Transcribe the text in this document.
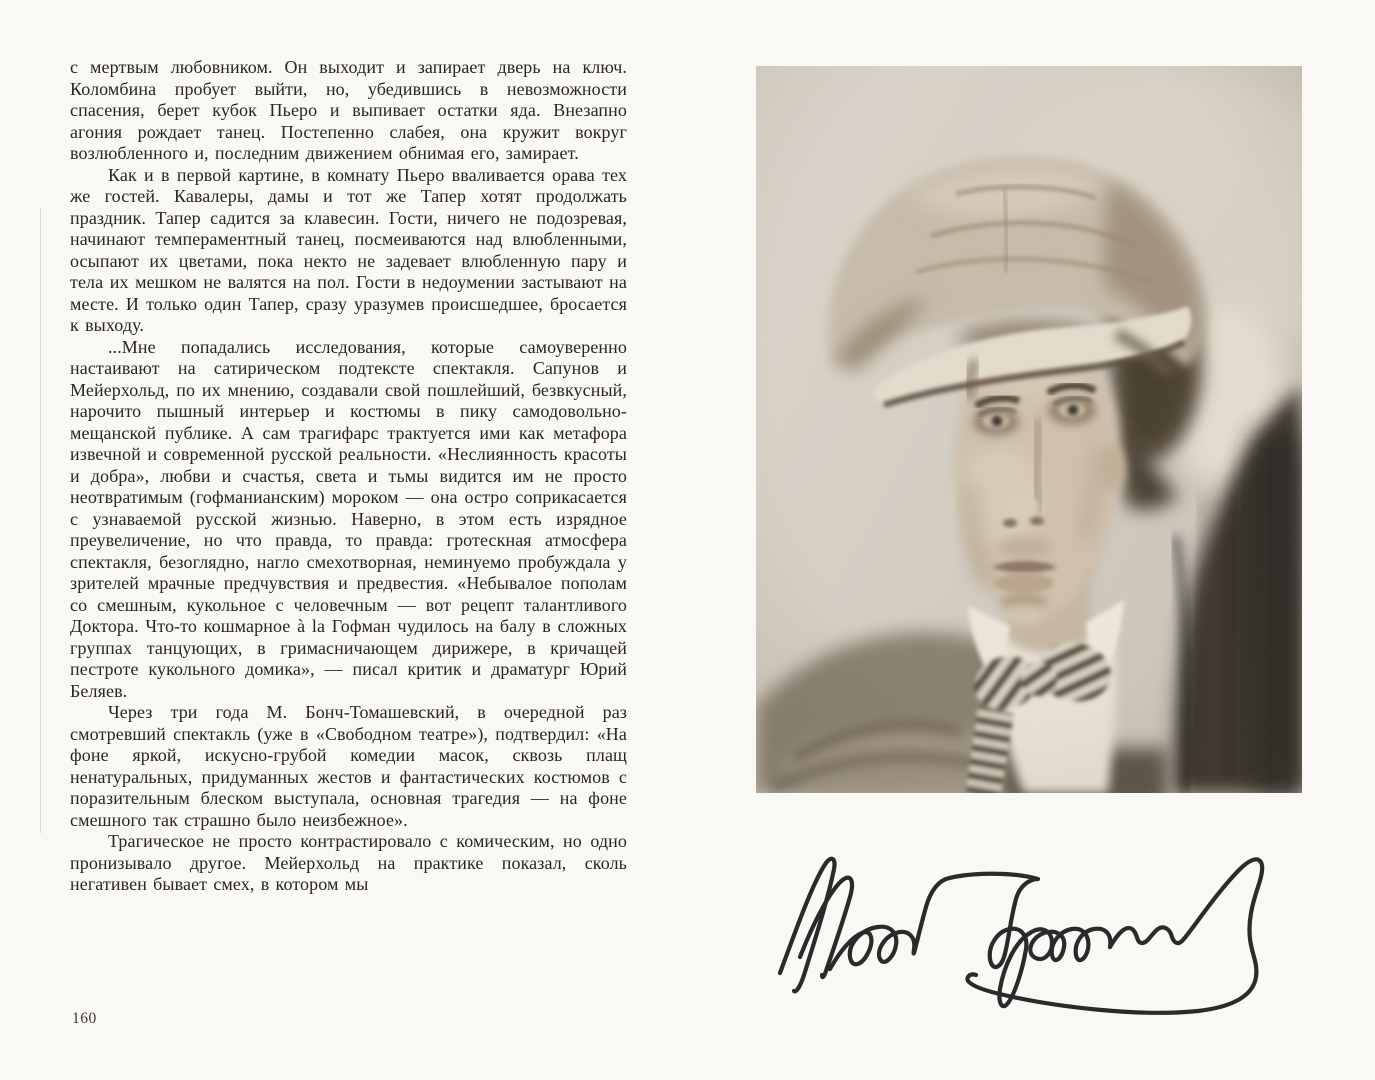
с мертвым любовником. Он выходит и запирает дверь на ключ. Коломбина пробует выйти, но, убедившись в невозможности спасения, берет кубок Пьеро и выпивает остатки яда. Внезапно агония рождает танец. Постепенно слабея, она кружит вокруг возлюбленного и, последним движением обнимая его, замирает.

Как и в первой картине, в комнату Пьеро вваливается орава тех же гостей. Кавалеры, дамы и тот же Тапер хотят продолжать праздник. Тапер садится за клавесин. Гости, ничего не подозревая, начинают темпераментный танец, посмеиваются над влюбленными, осыпают их цветами, пока некто не задевает влюбленную пару и тела их мешком не валятся на пол. Гости в недоумении застывают на месте. И только один Тапер, сразу уразумев происшедшее, бросается к выходу.

...Мне попадались исследования, которые самоуверенно настаивают на сатирическом подтексте спектакля. Сапунов и Мейерхольд, по их мнению, создавали свой пошлейший, безвкусный, нарочито пышный интерьер и костюмы в пику самодовольно-мещанской публике. А сам трагифарс трактуется ими как метафора извечной и современной русской реальности. «Неслиянность красоты и добра», любви и счастья, света и тьмы видится им не просто неотвратимым (гофманианским) мороком — она остро соприкасается с узнаваемой русской жизнью. Наверно, в этом есть изрядное преувеличение, но что правда, то правда: гротескная атмосфера спектакля, безоглядно, нагло смехотворная, неминуемо пробуждала у зрителей мрачные предчувствия и предвестия. «Небывалое пополам со смешным, кукольное с человечным — вот рецепт талантливого Доктора. Что-то кошмарное à la Гофман чудилось на балу в сложных группах танцующих, в гримасничающем дирижере, в кричащей пестроте кукольного домика», — писал критик и драматург Юрий Беляев.

Через три года М. Бонч-Томашевский, в очередной раз смотревший спектакль (уже в «Свободном театре»), подтвердил: «На фоне яркой, искусно-грубой комедии масок, сквозь плащ ненатуральных, придуманных жестов и фантастических костюмов с поразительным блеском выступала, основная трагедия — на фоне смешного так страшно было неизбежное».

Трагическое не просто контрастировало с комическим, но одно пронизывало другое. Мейерхольд на практике показал, сколь негативен бывает смех, в котором мы

160
